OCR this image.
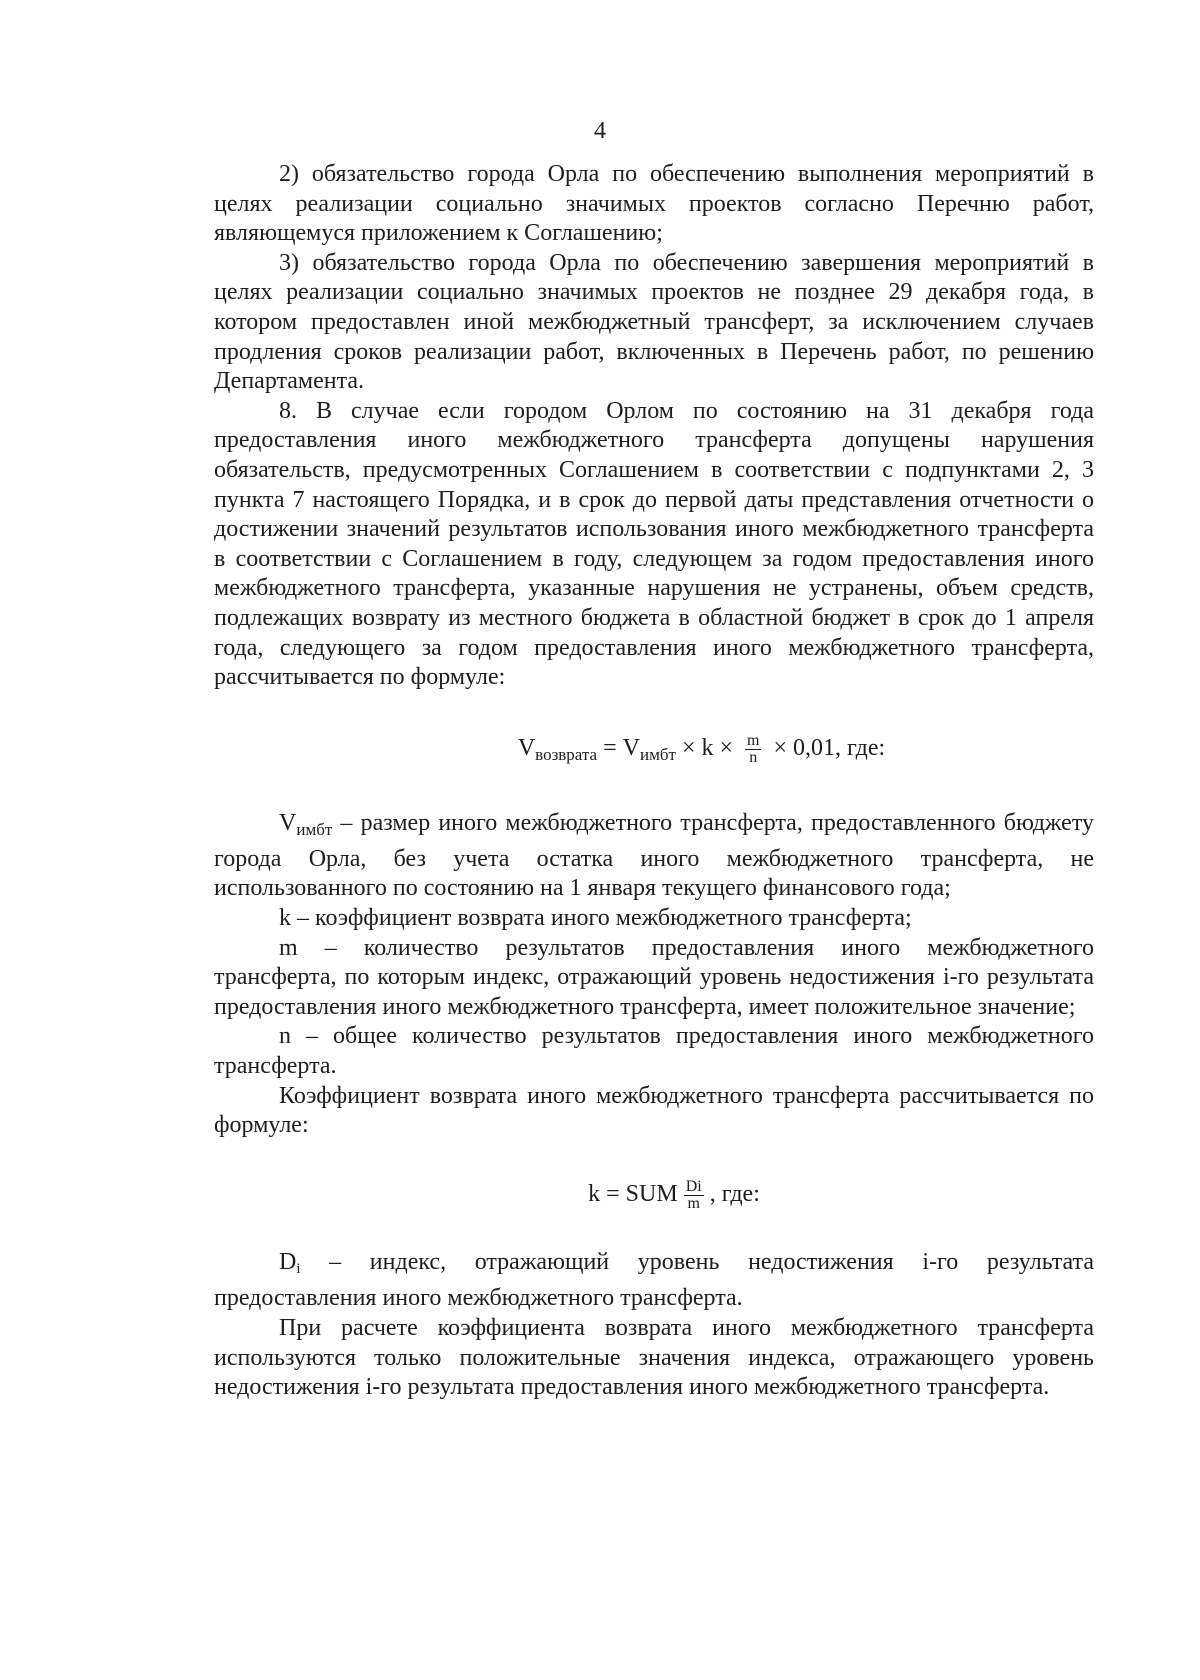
4

2) обязательство города Орла по обеспечению выполнения мероприятий в целях реализации социально значимых проектов согласно Перечню работ, являющемуся приложением к Соглашению;

3) обязательство города Орла по обеспечению завершения мероприятий в целях реализации социально значимых проектов не позднее 29 декабря года, в котором предоставлен иной межбюджетный трансферт, за исключением случаев продления сроков реализации работ, включенных в Перечень работ, по решению Департамента.

8. В случае если городом Орлом по состоянию на 31 декабря года предоставления иного межбюджетного трансферта допущены нарушения обязательств, предусмотренных Соглашением в соответствии с подпунктами 2, 3 пункта 7 настоящего Порядка, и в срок до первой даты представления отчетности о достижении значений результатов использования иного межбюджетного трансферта в соответствии с Соглашением в году, следующем за годом предоставления иного межбюджетного трансферта, указанные нарушения не устранены, объем средств, подлежащих возврату из местного бюджета в областной бюджет в срок до 1 апреля года, следующего за годом предоставления иного межбюджетного трансферта, рассчитывается по формуле:

$V_{возврата} = V_{имбт} \times k \times \frac{m}{n} \times 0,01$, где:

$V_{имбт}$ – размер иного межбюджетного трансферта, предоставленного бюджету города Орла, без учета остатка иного межбюджетного трансферта, не использованного по состоянию на 1 января текущего финансового года;

k – коэффициент возврата иного межбюджетного трансферта;

m – количество результатов предоставления иного межбюджетного трансферта, по которым индекс, отражающий уровень недостижения i-го результата предоставления иного межбюджетного трансферта, имеет положительное значение;

n – общее количество результатов предоставления иного межбюджетного трансферта.

Коэффициент возврата иного межбюджетного трансферта рассчитывается по формуле:

k = SUM $\frac{Di}{m}$ , где:

Di – индекс, отражающий уровень недостижения i-го результата предоставления иного межбюджетного трансферта.

При расчете коэффициента возврата иного межбюджетного трансферта используются только положительные значения индекса, отражающего уровень недостижения i-го результата предоставления иного межбюджетного трансферта.
